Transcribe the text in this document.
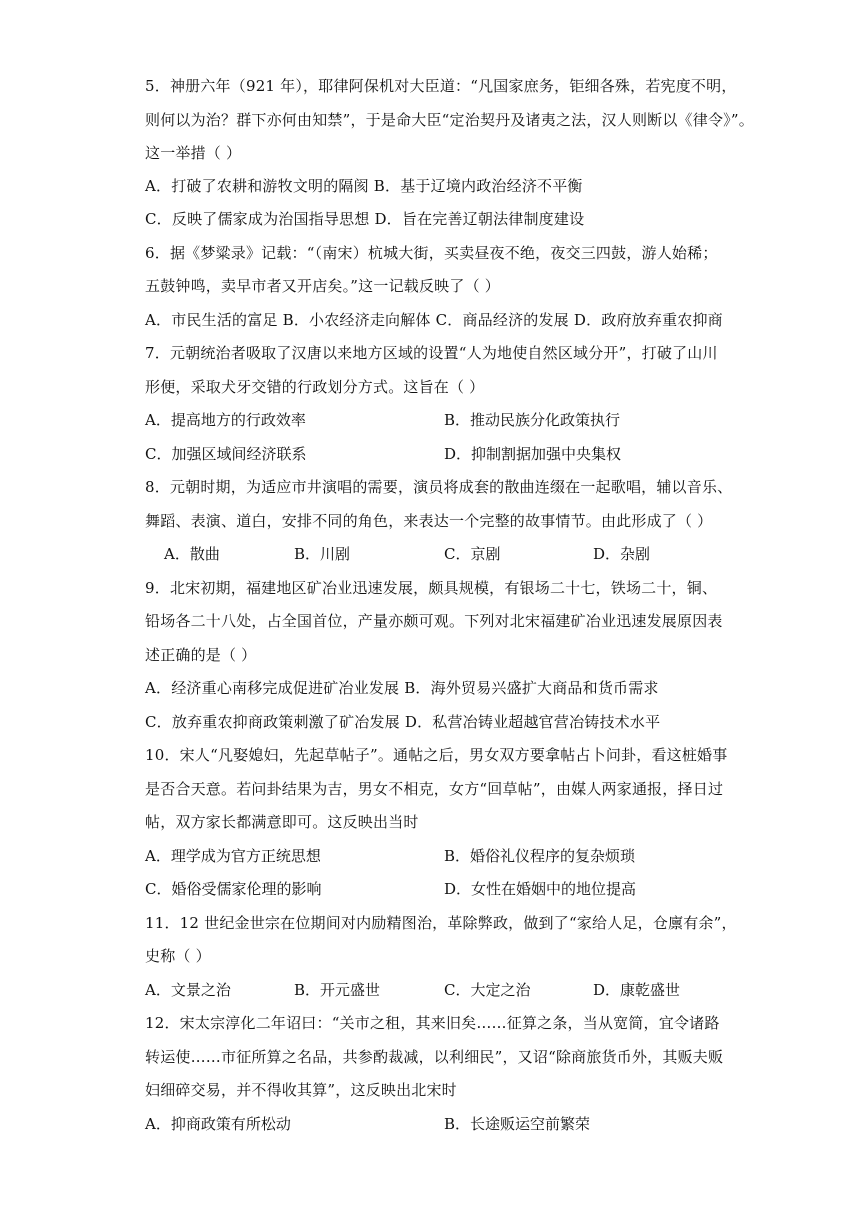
5．神册六年（921 年），耶律阿保机对大臣道：“凡国家庶务，钜细各殊，若宪度不明，
则何以为治？群下亦何由知禁”，于是命大臣“定治契丹及诸夷之法，汉人则断以《律令》”。
这一举措（ ）
A．打破了农耕和游牧文明的隔阂 B．基于辽境内政治经济不平衡
C．反映了儒家成为治国指导思想 D．旨在完善辽朝法律制度建设
6．据《梦粱录》记载：“（南宋）杭城大街，买卖昼夜不绝，夜交三四鼓，游人始稀；
五鼓钟鸣，卖早市者又开店矣。”这一记载反映了（ ）
A．市民生活的富足 B．小农经济走向解体 C．商品经济的发展 D．政府放弃重农抑商
7．元朝统治者吸取了汉唐以来地方区域的设置“人为地使自然区域分开”，打破了山川
形便，采取犬牙交错的行政划分方式。这旨在（ ）
A．提高地方的行政效率	B．推动民族分化政策执行
C．加强区域间经济联系	D．抑制割据加强中央集权
8．元朝时期，为适应市井演唱的需要，演员将成套的散曲连缀在一起歌唱，辅以音乐、
舞蹈、表演、道白，安排不同的角色，来表达一个完整的故事情节。由此形成了（ ）
A．散曲	B．川剧	C．京剧	D．杂剧
9．北宋初期，福建地区矿冶业迅速发展，颇具规模，有银场二十七，铁场二十，铜、
铅场各二十八处，占全国首位，产量亦颇可观。下列对北宋福建矿冶业迅速发展原因表
述正确的是（ ）
A．经济重心南移完成促进矿冶业发展 B．海外贸易兴盛扩大商品和货币需求
C．放弃重农抑商政策刺激了矿冶发展 D．私营冶铸业超越官营冶铸技术水平
10．宋人“凡娶媳妇，先起草帖子”。通帖之后，男女双方要拿帖占卜问卦，看这桩婚事
是否合天意。若问卦结果为吉，男女不相克，女方“回草帖”，由媒人两家通报，择日过
帖，双方家长都满意即可。这反映出当时
A．理学成为官方正统思想	B．婚俗礼仪程序的复杂烦琐
C．婚俗受儒家伦理的影响	D．女性在婚姻中的地位提高
11．12 世纪金世宗在位期间对内励精图治，革除弊政，做到了“家给人足，仓廪有余”，
史称（ ）
A．文景之治	B．开元盛世	C．大定之治	D．康乾盛世
12．宋太宗淳化二年诏曰：“关市之租，其来旧矣……征算之条，当从宽简，宜令诸路
转运使……市征所算之名品，共参酌裁减，以利细民”，又诏“除商旅货币外，其贩夫贩
妇细碎交易，并不得收其算”，这反映出北宋时
A．抑商政策有所松动	B．长途贩运空前繁荣
